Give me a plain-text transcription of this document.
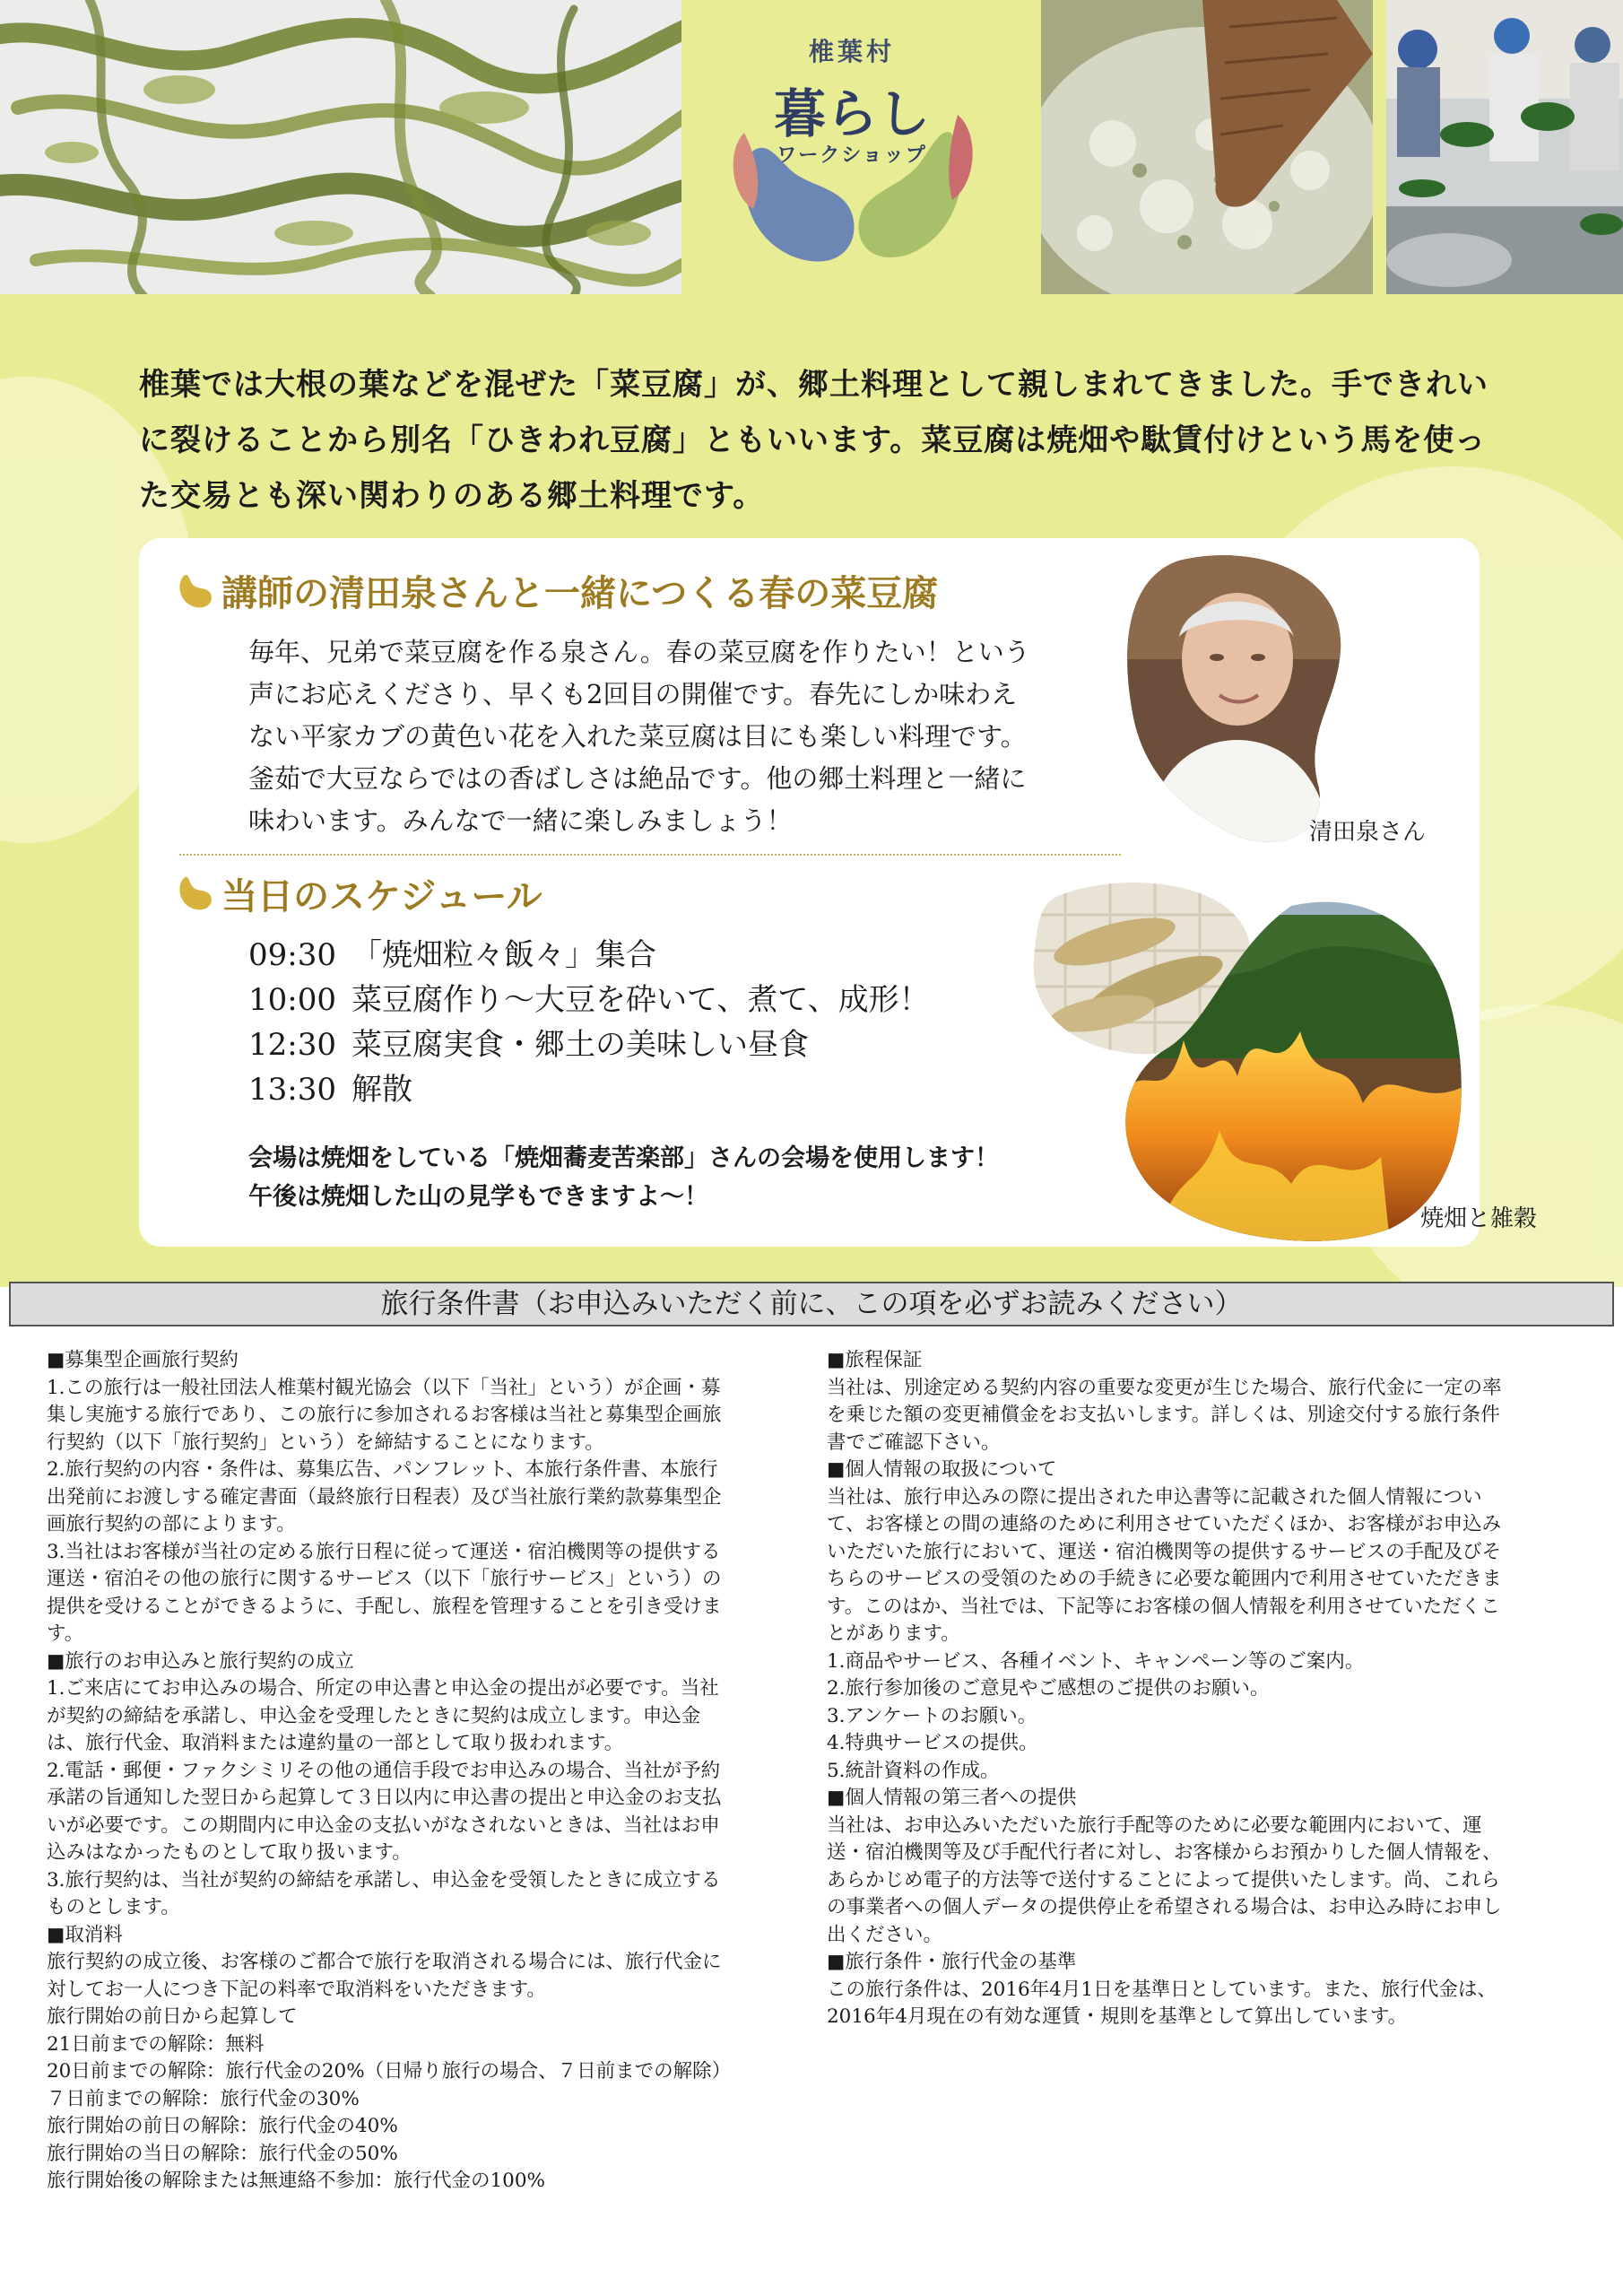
椎葉村
暮らし
ワークショップ

椎葉では大根の葉などを混ぜた「菜豆腐」が、郷土料理として親しまれてきました。手できれいに裂けることから別名「ひきわれ豆腐」ともいいます。菜豆腐は焼畑や駄賃付けという馬を使った交易とも深い関わりのある郷土料理です。

講師の清田泉さんと一緒につくる春の菜豆腐

毎年、兄弟で菜豆腐を作る泉さん。春の菜豆腐を作りたい！という声にお応えくださり、早くも2回目の開催です。春先にしか味わえない平家カブの黄色い花を入れた菜豆腐は目にも楽しい料理です。釜茹で大豆ならではの香ばしさは絶品です。他の郷土料理と一緒に味わいます。みんなで一緒に楽しみましょう！

当日のスケジュール
09:30 「焼畑粒々飯々」集合
10:00 菜豆腐作り～大豆を砕いて、煮て、成形！
12:30 菜豆腐実食・郷土の美味しい昼食
13:30 解散

会場は焼畑をしている「焼畑蕎麦苦楽部」さんの会場を使用します！
午後は焼畑した山の見学もできますよ～！

清田泉さん
焼畑と雑穀
旅行条件書（お申込みいただく前に、この項を必ずお読みください）

■募集型企画旅行契約

1.この旅行は一般社団法人椎葉村観光協会（以下「当社」という）が企画・募

集し実施する旅行であり、この旅行に参加されるお客様は当社と募集型企画旅

行契約（以下「旅行契約」という）を締結することになります。

2.旅行契約の内容・条件は、募集広告、パンフレット、本旅行条件書、本旅行

出発前にお渡しする確定書面（最終旅行日程表）及び当社旅行業約款募集型企

画旅行契約の部によります。

3.当社はお客様が当社の定める旅行日程に従って運送・宿泊機関等の提供する

運送・宿泊その他の旅行に関するサービス（以下「旅行サービス」という）の

提供を受けることができるように、手配し、旅程を管理することを引き受けま

す。

■旅行のお申込みと旅行契約の成立

1.ご来店にてお申込みの場合、所定の申込書と申込金の提出が必要です。当社

が契約の締結を承諾し、申込金を受理したときに契約は成立します。申込金

は、旅行代金、取消料または違約量の一部として取り扱われます。

2.電話・郵便・ファクシミリその他の通信手段でお申込みの場合、当社が予約

承諾の旨通知した翌日から起算して３日以内に申込書の提出と申込金のお支払

いが必要です。この期間内に申込金の支払いがなされないときは、当社はお申

込みはなかったものとして取り扱います。

3.旅行契約は、当社が契約の締結を承諾し、申込金を受領したときに成立する

ものとします。

■取消料

旅行契約の成立後、お客様のご都合で旅行を取消される場合には、旅行代金に

対してお一人につき下記の料率で取消料をいただきます。

旅行開始の前日から起算して

21日前までの解除：無料

20日前までの解除：旅行代金の20%（日帰り旅行の場合、７日前までの解除）

７日前までの解除：旅行代金の30%

旅行開始の前日の解除：旅行代金の40%

旅行開始の当日の解除：旅行代金の50%

旅行開始後の解除または無連絡不参加：旅行代金の100%

■旅程保証

当社は、別途定める契約内容の重要な変更が生じた場合、旅行代金に一定の率

を乗じた額の変更補償金をお支払いします。詳しくは、別途交付する旅行条件

書でご確認下さい。

■個人情報の取扱について

当社は、旅行申込みの際に提出された申込書等に記載された個人情報につい

て、お客様との間の連絡のために利用させていただくほか、お客様がお申込み

いただいた旅行において、運送・宿泊機関等の提供するサービスの手配及びそ

ちらのサービスの受領のための手続きに必要な範囲内で利用させていただきま

す。このはか、当社では、下記等にお客様の個人情報を利用させていただくこ

とがあります。

1.商品やサービス、各種イベント、キャンペーン等のご案内。

2.旅行参加後のご意見やご感想のご提供のお願い。

3.アンケートのお願い。

4.特典サービスの提供。

5.統計資料の作成。

■個人情報の第三者への提供

当社は、お申込みいただいた旅行手配等のために必要な範囲内において、運

送・宿泊機関等及び手配代行者に対し、お客様からお預かりした個人情報を、

あらかじめ電子的方法等で送付することによって提供いたします。尚、これら

の事業者への個人データの提供停止を希望される場合は、お申込み時にお申し

出ください。

■旅行条件・旅行代金の基準

この旅行条件は、2016年4月1日を基準日としています。また、旅行代金は、

2016年4月現在の有効な運賃・規則を基準として算出しています。
